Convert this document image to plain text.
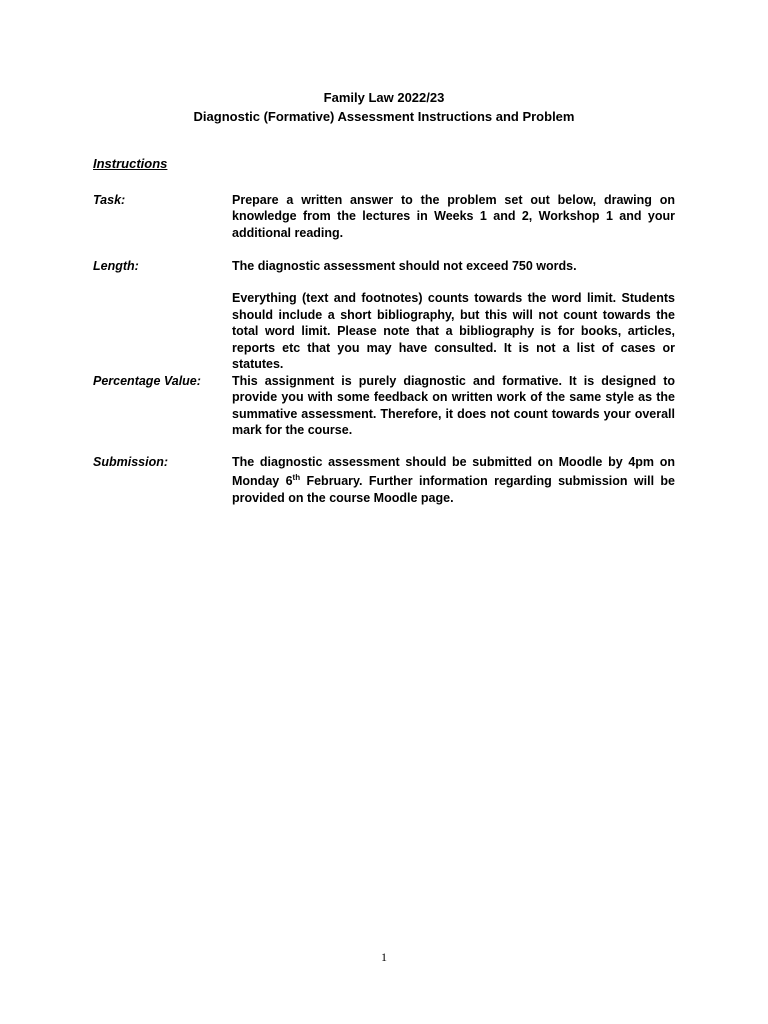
Family Law 2022/23
Diagnostic (Formative) Assessment Instructions and Problem
Instructions
Task:	Prepare a written answer to the problem set out below, drawing on knowledge from the lectures in Weeks 1 and 2, Workshop 1 and your additional reading.

Length:	The diagnostic assessment should not exceed 750 words.

Everything (text and footnotes) counts towards the word limit. Students should include a short bibliography, but this will not count towards the total word limit. Please note that a bibliography is for books, articles, reports etc that you may have consulted. It is not a list of cases or statutes.

Percentage Value:	This assignment is purely diagnostic and formative. It is designed to provide you with some feedback on written work of the same style as the summative assessment. Therefore, it does not count towards your overall mark for the course.

Submission:	The diagnostic assessment should be submitted on Moodle by 4pm on Monday 6th February. Further information regarding submission will be provided on the course Moodle page.

1
